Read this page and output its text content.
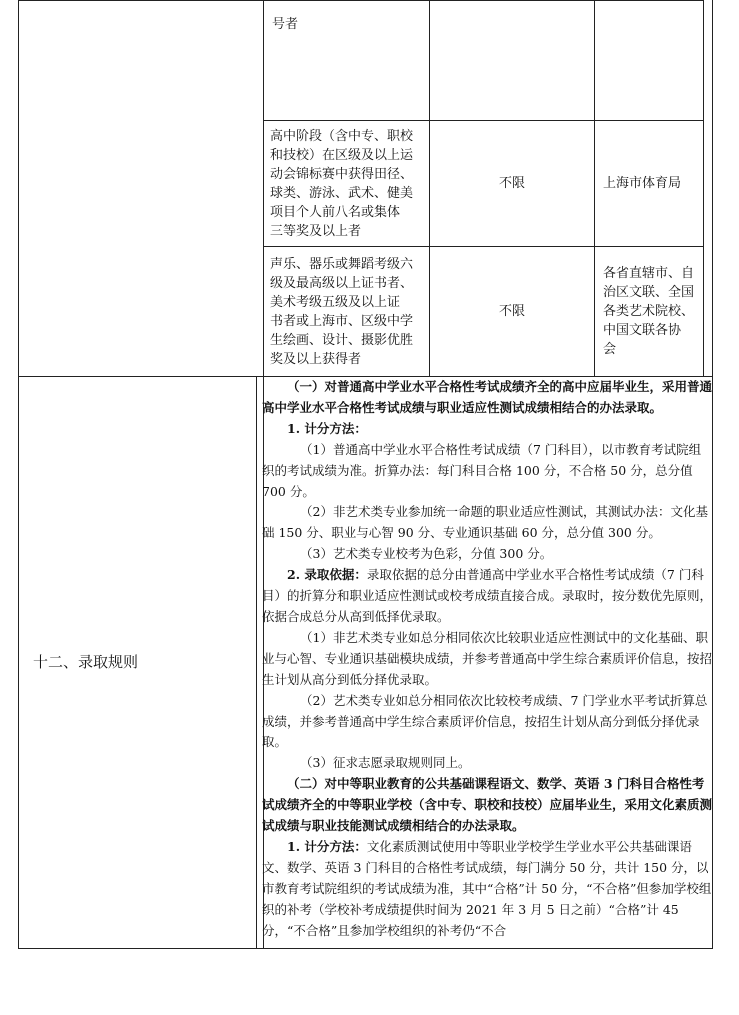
号者
高中阶段（含中专、职校
和技校）在区级及以上运
动会锦标赛中获得田径、
球类、游泳、武术、健美
项目个人前八名或集体
三等奖及以上者
不限	上海市体育局
声乐、器乐或舞蹈考级六
级及最高级以上证书者、
美术考级五级及以上证
书者或上海市、区级中学
生绘画、设计、摄影优胜
奖及以上获得者
不限
各省直辖市、自
治区文联、全国
各类艺术院校、
中国文联各协
会
十二、录取规则

（一）对普通高中学业水平合格性考试成绩齐全的高中应届毕业生，采用普通高中学业水平合格性考试成绩与职业适应性测试成绩相结合的办法录取。

1. 计分方法：

（1）普通高中学业水平合格性考试成绩（7 门科目），以市教育考试院组织的考试成绩为准。折算办法：每门科目合格 100 分，不合格 50 分，总分值 700 分。

（2）非艺术类专业参加统一命题的职业适应性测试，其测试办法：文化基础 150 分、职业与心智 90 分、专业通识基础 60 分，总分值 300 分。

（3）艺术类专业校考为色彩，分值 300 分。

2. 录取依据：录取依据的总分由普通高中学业水平合格性考试成绩（7 门科目）的折算分和职业适应性测试或校考成绩直接合成。录取时，按分数优先原则，依据合成总分从高到低择优录取。

（1）非艺术类专业如总分相同依次比较职业适应性测试中的文化基础、职业与心智、专业通识基础模块成绩，并参考普通高中学生综合素质评价信息，按招生计划从高分到低分择优录取。

（2）艺术类专业如总分相同依次比较校考成绩、7 门学业水平考试折算总成绩，并参考普通高中学生综合素质评价信息，按招生计划从高分到低分择优录取。

（3）征求志愿录取规则同上。

（二）对中等职业教育的公共基础课程语文、数学、英语 3 门科目合格性考试成绩齐全的中等职业学校（含中专、职校和技校）应届毕业生，采用文化素质测试成绩与职业技能测试成绩相结合的办法录取。

1. 计分方法：文化素质测试使用中等职业学校学生学业水平公共基础课语文、数学、英语 3 门科目的合格性考试成绩，每门满分 50 分，共计 150 分，以市教育考试院组织的考试成绩为准，其中“合格”计 50 分，“不合格”但参加学校组织的补考（学校补考成绩提供时间为 2021 年 3 月 5 日之前）“合格”计 45 分，“不合格”且参加学校组织的补考仍“不合
